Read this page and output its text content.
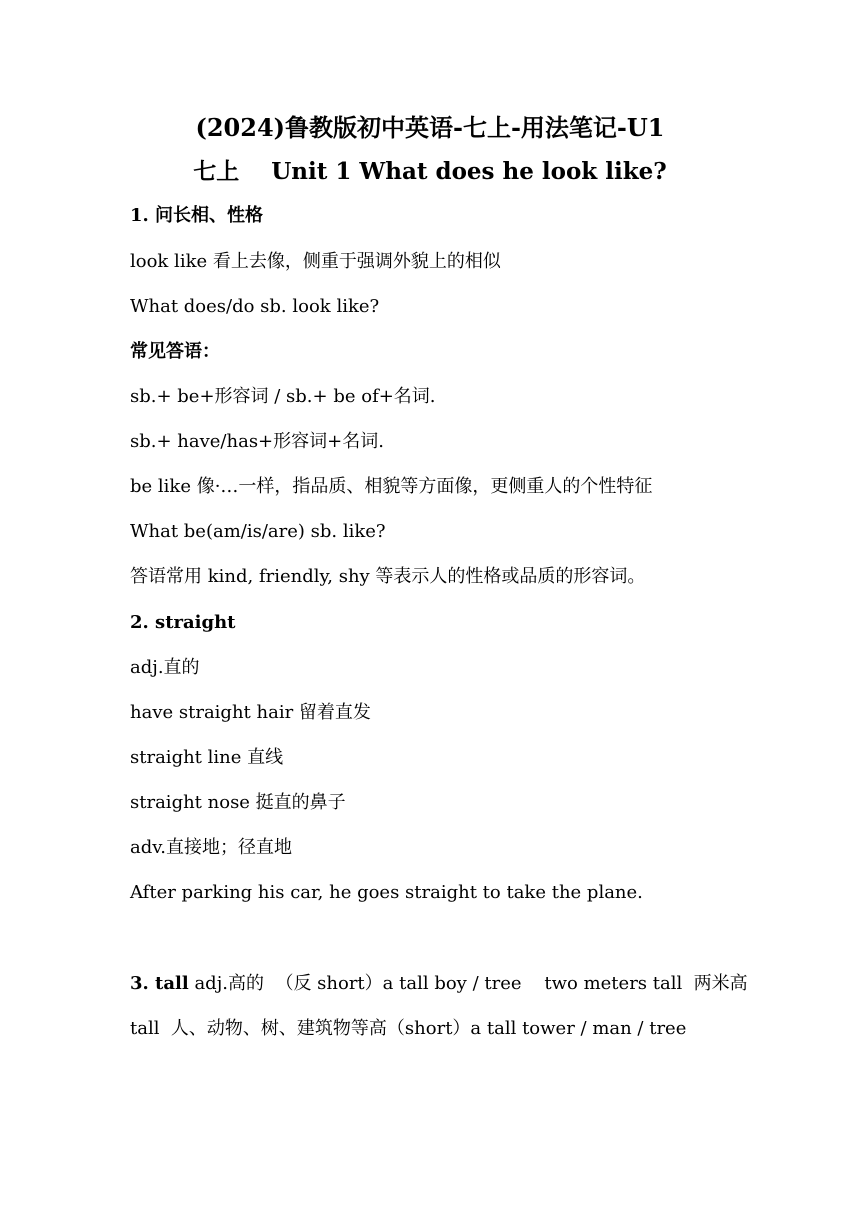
(2024)鲁教版初中英语-七上-用法笔记-U1
七上    Unit 1 What does he look like?
1. 问长相、性格
look like 看上去像，侧重于强调外貌上的相似
What does/do sb. look like?
常见答语：
sb.+ be+形容词 / sb.+ be of+名词.
sb.+ have/has+形容词+名词.
be like 像·…一样，指品质、相貌等方面像，更侧重人的个性特征
What be(am/is/are) sb. like?
答语常用 kind, friendly, shy 等表示人的性格或品质的形容词。
2. straight
adj.直的
have straight hair 留着直发
straight line 直线
straight nose 挺直的鼻子
adv.直接地；径直地
After parking his car, he goes straight to take the plane.
3. tall adj.高的  （反 short）a tall boy / tree    two meters tall  两米高
tall  人、动物、树、建筑物等高（short）a tall tower / man / tree
